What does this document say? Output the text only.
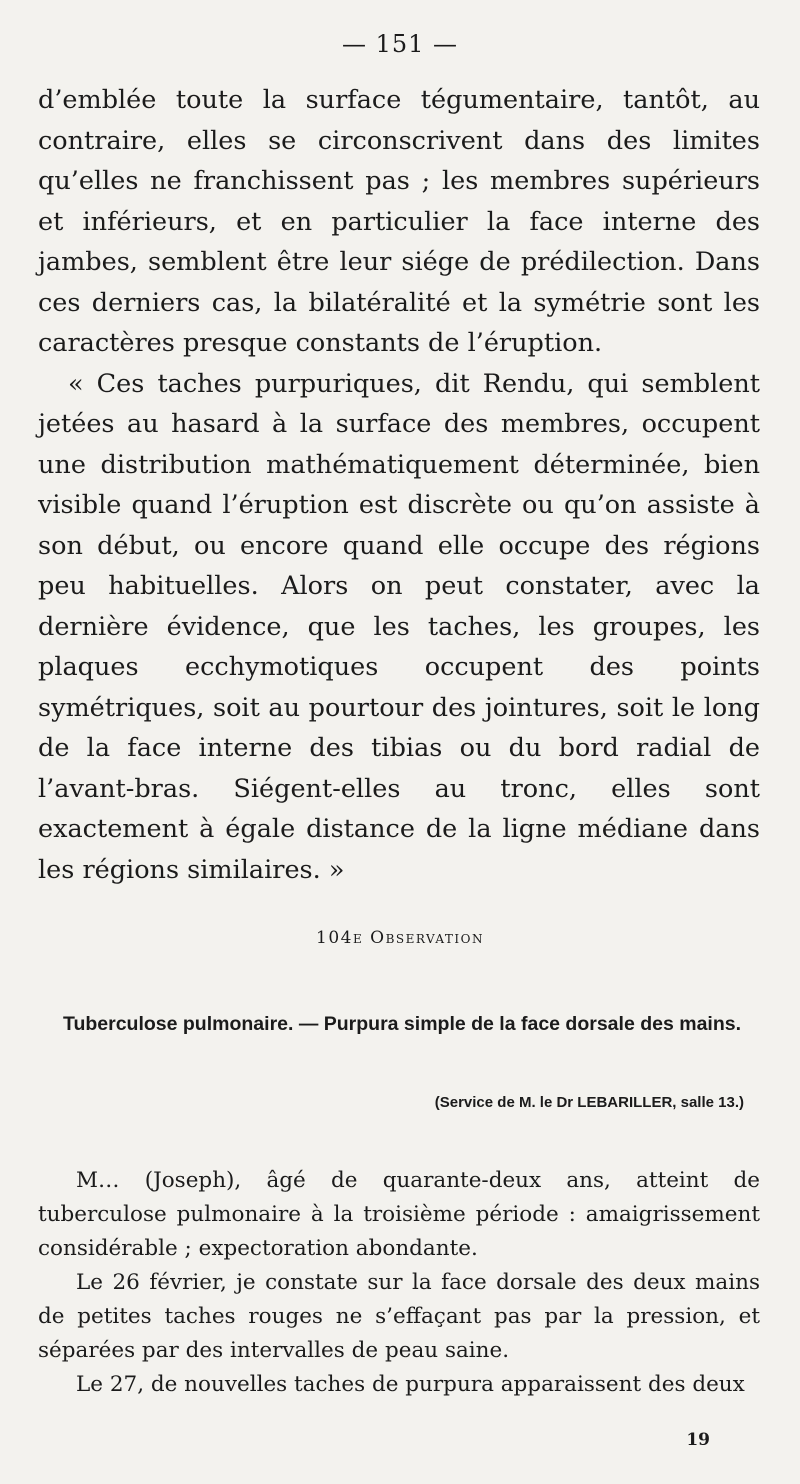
— 151 —

d’emblée toute la surface tégumentaire, tantôt, au contraire, elles se circonscrivent dans des limites qu’elles ne franchissent pas ; les membres supérieurs et inférieurs, et en particulier la face interne des jambes, semblent être leur siége de prédilection. Dans ces derniers cas, la bilatéralité et la symétrie sont les caractères presque constants de l’éruption.

« Ces taches purpuriques, dit Rendu, qui semblent jetées au hasard à la surface des membres, occupent une distribution mathématiquement déterminée, bien visible quand l’éruption est discrète ou qu’on assiste à son début, ou encore quand elle occupe des régions peu habituelles. Alors on peut constater, avec la dernière évidence, que les taches, les groupes, les plaques ecchymotiques occupent des points symétriques, soit au pourtour des jointures, soit le long de la face interne des tibias ou du bord radial de l’avant-bras. Siégent-elles au tronc, elles sont exactement à égale distance de la ligne médiane dans les régions similaires. »

104e Observation
Tuberculose pulmonaire. — Purpura simple de la face dorsale des mains.
(Service de M. le Dr LEBARILLER, salle 13.)

M… (Joseph), âgé de quarante-deux ans, atteint de tuberculose pulmonaire à la troisième période : amaigrissement considérable ; expectoration abondante.

Le 26 février, je constate sur la face dorsale des deux mains de petites taches rouges ne s’effaçant pas par la pression, et séparées par des intervalles de peau saine.

Le 27, de nouvelles taches de purpura apparaissent des deux

19
